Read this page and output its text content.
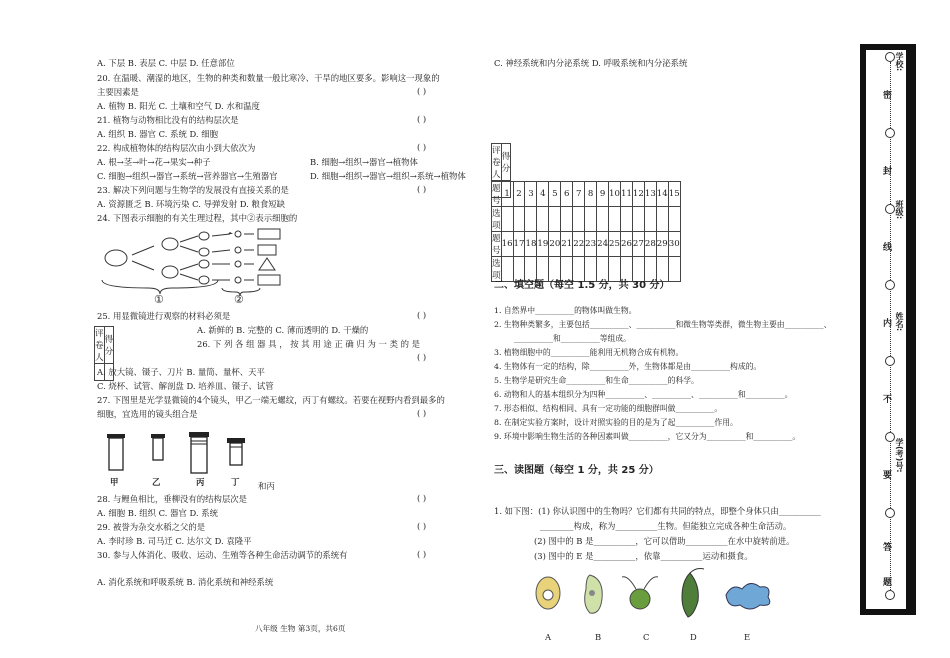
A. 下层 B. 表层 C. 中层 D. 任意部位
20. 在温暖、潮湿的地区，生物的种类和数量一般比寒冷、干旱的地区要多。影响这一现象的
主要因素是	( )
A. 植物 B. 阳光 C. 土壤和空气 D. 水和温度
21. 植物与动物相比没有的结构层次是	( )
A. 组织 B. 器官 C. 系统 D. 细胞
22. 构成植物体的结构层次由小到大依次为	( )
A. 根→茎→叶→花→果实→种子	B. 细胞→组织→器官→植物体
C. 细胞→组织→器官→系统→营养器官→生殖器官	D. 细胞→组织→器官→组织→系统→植物体
23. 解决下列问题与生物学的发展没有直接关系的是	( )
A. 资源匮乏 B. 环境污染 C. 导弹发射 D. 粮食短缺
24. 下图表示细胞的有关生理过程，其中②表示细胞的
①	②
25. 用显微镜进行观察的材料必须是	( )
评卷人	得分

A. 新鲜的 B. 完整的 C. 薄而透明的 D. 干燥的
26. 下 列 各 组 器 具 ， 按 其 用 途 正 确 归 为 一 类 的 是
( )
A. 放大镜、镊子、刀片 B. 量筒、量杯、天平
C. 烧杯、试管、解剖盘 D. 培养皿、镊子、试管
27. 下图里是光学显微镜的4个镜头，甲乙一端无螺纹，丙丁有螺纹。若要在视野内看到最多的
细胞，宜选用的镜头组合是	( )
甲	乙	丙	丁 和丙
28. 与鲤鱼相比，垂柳没有的结构层次是	( )
A. 细胞 B. 组织 C. 器官 D. 系统
29. 被誉为杂交水稻之父的是	( )
A. 李时珍 B. 司马迁 C. 达尔文 D. 袁隆平
30. 参与人体消化、吸收、运动、生殖等各种生命活动调节的系统有	( )
A. 消化系统和呼吸系统 B. 消化系统和神经系统
C. 神经系统和内分泌系统 D. 呼吸系统和内分泌系统
评卷人	得分

题号	1	2	3	4	5	6	7	8	9	10	11	12	13	14	15
选项															
题号	16	17	18	19	20	21	22	23	24	25	26	27	28	29	30
选项															
二、填空题（每空 1.5 分，共 30 分）
1. 自然界中__________的物体叫做生物。
2. 生物种类繁多，主要包括__________、__________和微生物等类群，微生物主要由__________、
__________和__________等组成。
3. 植物细胞中的__________能利用无机物合成有机物。
4. 生物体有一定的结构，除__________外，生物体都是由__________构成的。
5. 生物学是研究生命__________和生命__________的科学。
6. 动物和人的基本组织分为四种__________、__________、__________和__________。
7. 形态相似、结构相同、具有一定功能的细胞群叫做__________。
8. 在制定实验方案时，设计对照实验的目的是为了起__________作用。
9. 环境中影响生物生活的各种因素叫做__________，它又分为__________和__________。
三、读图题（每空 1 分，共 25 分）
1. 如下图：(1) 你认识图中的生物吗？它们都有共同的特点，即整个身体只由__________
________构成，称为__________生物。但能独立完成各种生命活动。
(2) 图中的 B 是__________，它可以借助__________在水中旋转前进。
(3) 图中的 E 是__________，依靠__________运动和摄食。
A	B	C	D	E
密
封
线
内
不
要
答
题
学校:
班级:
姓名:
学(考)号:
八年级 生物 第3页，共6页
